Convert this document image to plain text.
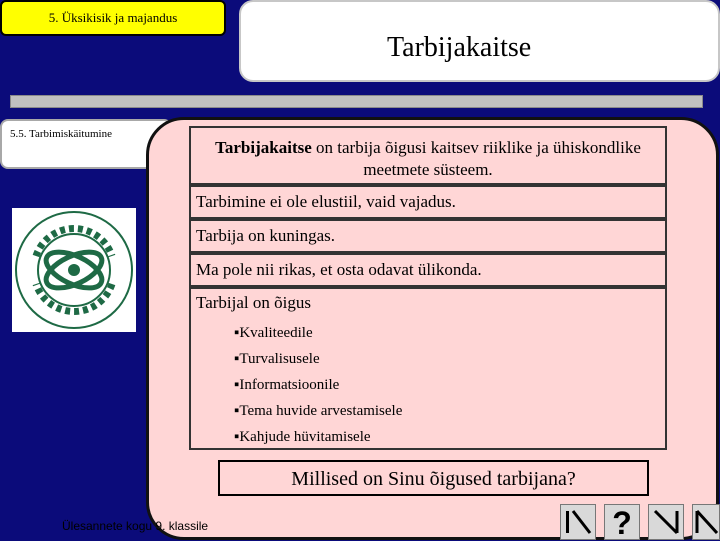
5. Üksikisik ja majandus
Tarbijakaitse
5.5. Tarbimiskäitumine
Tarbijakaitse on tarbija õigusi kaitsev riiklike ja ühiskondlike meetmete süsteem.
Tarbimine ei ole elustiil, vaid vajadus.
Tarbija on kuningas.
Ma pole nii rikas, et osta odavat ülikonda.
Tarbijal on õigus
▪Kvaliteedile
▪Turvalisusele
▪Informatsioonile
▪Tema huvide arvestamisele
▪Kahjude hüvitamisele
Millised on Sinu õigused tarbijana?
Ülesannete kogu 9. klassile	?
